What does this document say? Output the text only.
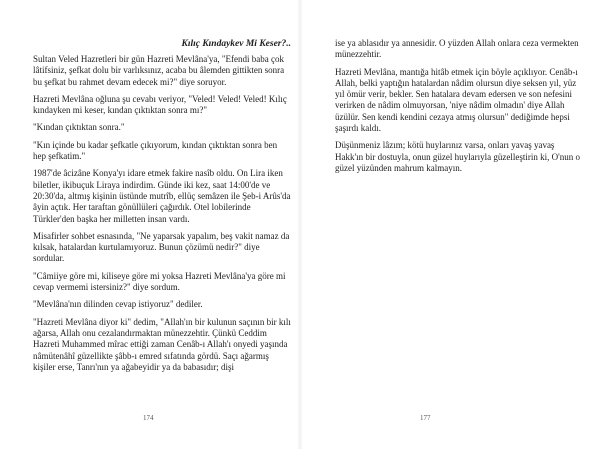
Kılıç Kındaykev Mi Keser?..

Sultan Veled Hazretleri bir gün Hazreti Mevlâna'ya, "Efendi baba çok lâtifsiniz, şefkat dolu bir varlıksınız, acaba bu âlemden gittikten sonra bu şefkat bu rahmet devam edecek mi?" diye soruyor.

Hazreti Mevlâna oğluna şu cevabı veriyor, "Veled! Veled! Veled! Kılıç kındayken mi keser, kından çıktıktan sonra mı?"

"Kından çıktıktan sonra."

"Kın içinde bu kadar şefkatle çıkıyorum, kından çıktıktan sonra ben hep şefkatim."

1987'de âcizâne Konya'yı idare etmek fakire nasîb oldu. On Lira iken biletler, ikibuçuk Liraya indirdim. Günde iki kez, saat 14:00'de ve 20:30'da, altmış kişinin üstünde mutrîb, ellüç semâzen ile Şeb-i Arûs'da âyin açtık. Her taraftan gönüllüleri çağırdık. Otel lobilerinde Türkler'den başka her milletten insan vardı.

Misafirler sohbet esnasında, "Ne yaparsak yapalım, beş vakit namaz da kılsak, hatalardan kurtulamıyoruz. Bunun çözümü nedir?" diye sordular.

"Câmiiye göre mi, kiliseye göre mi yoksa Hazreti Mevlâna'ya göre mi cevap vermemi istersiniz?" diye sordum.

"Mevlâna'nın dilinden cevap istiyoruz" dediler.

"Hazreti Mevlâna diyor ki" dedim, "Allah'ın bir kulunun saçının bir kılı ağarsa, Allah onu cezalandırmaktan münezzehtir. Çünkü Ceddim Hazreti Muhammed mîrac ettiği zaman Cenâb-ı Allah'ı onyedi yaşında nâmütenâhî güzellikte şâbb-ı emred sıfatında gördü. Saçı ağarmış kişiler erse, Tanrı'nın ya ağabeyidir ya da babasıdır; dişi

174

ise ya ablasıdır ya annesidir. O yüzden Allah onlara ceza vermekten münezzehtir.

Hazreti Mevlâna, mantığa hitâb etmek için böyle açıklıyor. Cenâb-ı Allah, belki yaptığın hatalardan nâdim olursun diye seksen yıl, yüz yıl ömür verir, bekler. Sen hatalara devam edersen ve son nefesini verirken de nâdim olmuyorsan, 'niye nâdim olmadın' diye Allah üzülür. Sen kendi kendini cezaya atmış olursun" dediğimde hepsi şaşırdı kaldı.

Düşünmeniz lâzım; kötü huylarınız varsa, onları yavaş yavaş Hakk'ın bir dostuyla, onun güzel huylarıyla güzelleştirin ki, O'nun o güzel yüzünden mahrum kalmayın.

177
